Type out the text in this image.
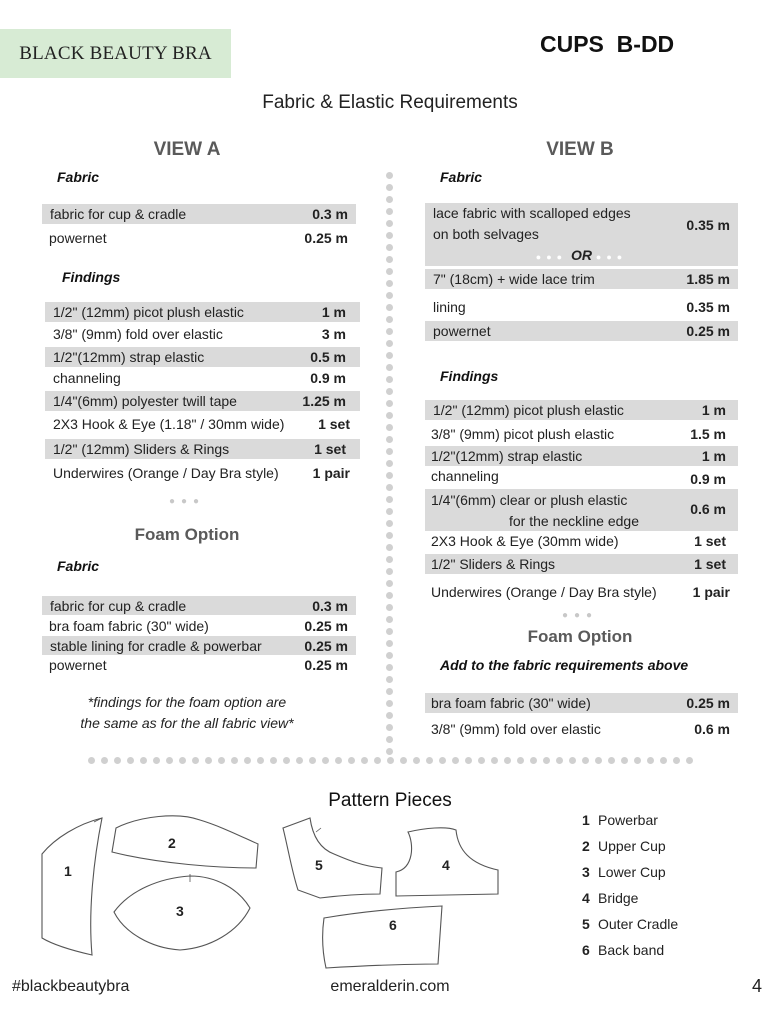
BLACK BEAUTY BRA	CUPS  B-DD
Fabric & Elastic Requirements
VIEW A
Fabric
fabric for cup & cradle	0.3 m
powernet	0.25 m
Findings
1/2" (12mm) picot plush elastic	1 m
3/8" (9mm) fold over elastic	3 m
1/2"(12mm) strap elastic	0.5 m
channeling	0.9 m
1/4"(6mm) polyester twill tape	1.25 m
2X3 Hook & Eye (1.18" / 30mm wide) 1 set
1/2" (12mm) Sliders & Rings	1 set
Underwires (Orange / Day Bra style) 1 pair
●●●
Foam Option
Fabric
fabric for cup & cradle	0.3 m
bra foam fabric (30" wide)	0.25 m
stable lining for cradle & powerbar	0.25 m
powernet	0.25 m
*findings for the foam option are
the same as for the all fabric view*
VIEW B
Fabric
lace fabric with scalloped edges
on both selvages
0.35 m
●●● OR ●●●
7" (18cm) + wide lace trim	1.85 m
lining	0.35 m
powernet	0.25 m
Findings
1/2" (12mm) picot plush elastic	1 m
3/8" (9mm) picot plush elastic	1.5 m
1/2"(12mm) strap elastic	1 m
channeling	0.9 m
1/4"(6mm) clear or plush elastic
for the neckline edge
0.6 m
2X3 Hook & Eye (30mm wide)	1 set
1/2" Sliders & Rings	1 set
Underwires (Orange / Day Bra style)	1 pair
●●●
Foam Option
Add to the fabric requirements above
bra foam fabric (30" wide)	0.25 m
3/8" (9mm) fold over elastic	0.6 m
Pattern Pieces
1
2
3
4
5
6
1 Powerbar
2 Upper Cup
3 Lower Cup
4 Bridge
5 Outer Cradle
6 Back band
#blackbeautybra	emeralderin.com	4
